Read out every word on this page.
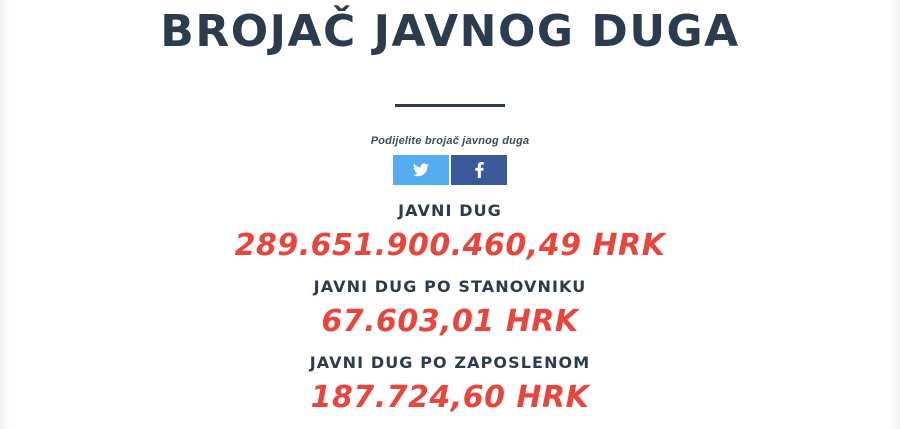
BROJAČ JAVNOG DUGA
Podijelite brojač javnog duga
JAVNI DUG
289.651.900.460,49 HRK
JAVNI DUG PO STANOVNIKU
67.603,01 HRK
JAVNI DUG PO ZAPOSLENOM
187.724,60 HRK
